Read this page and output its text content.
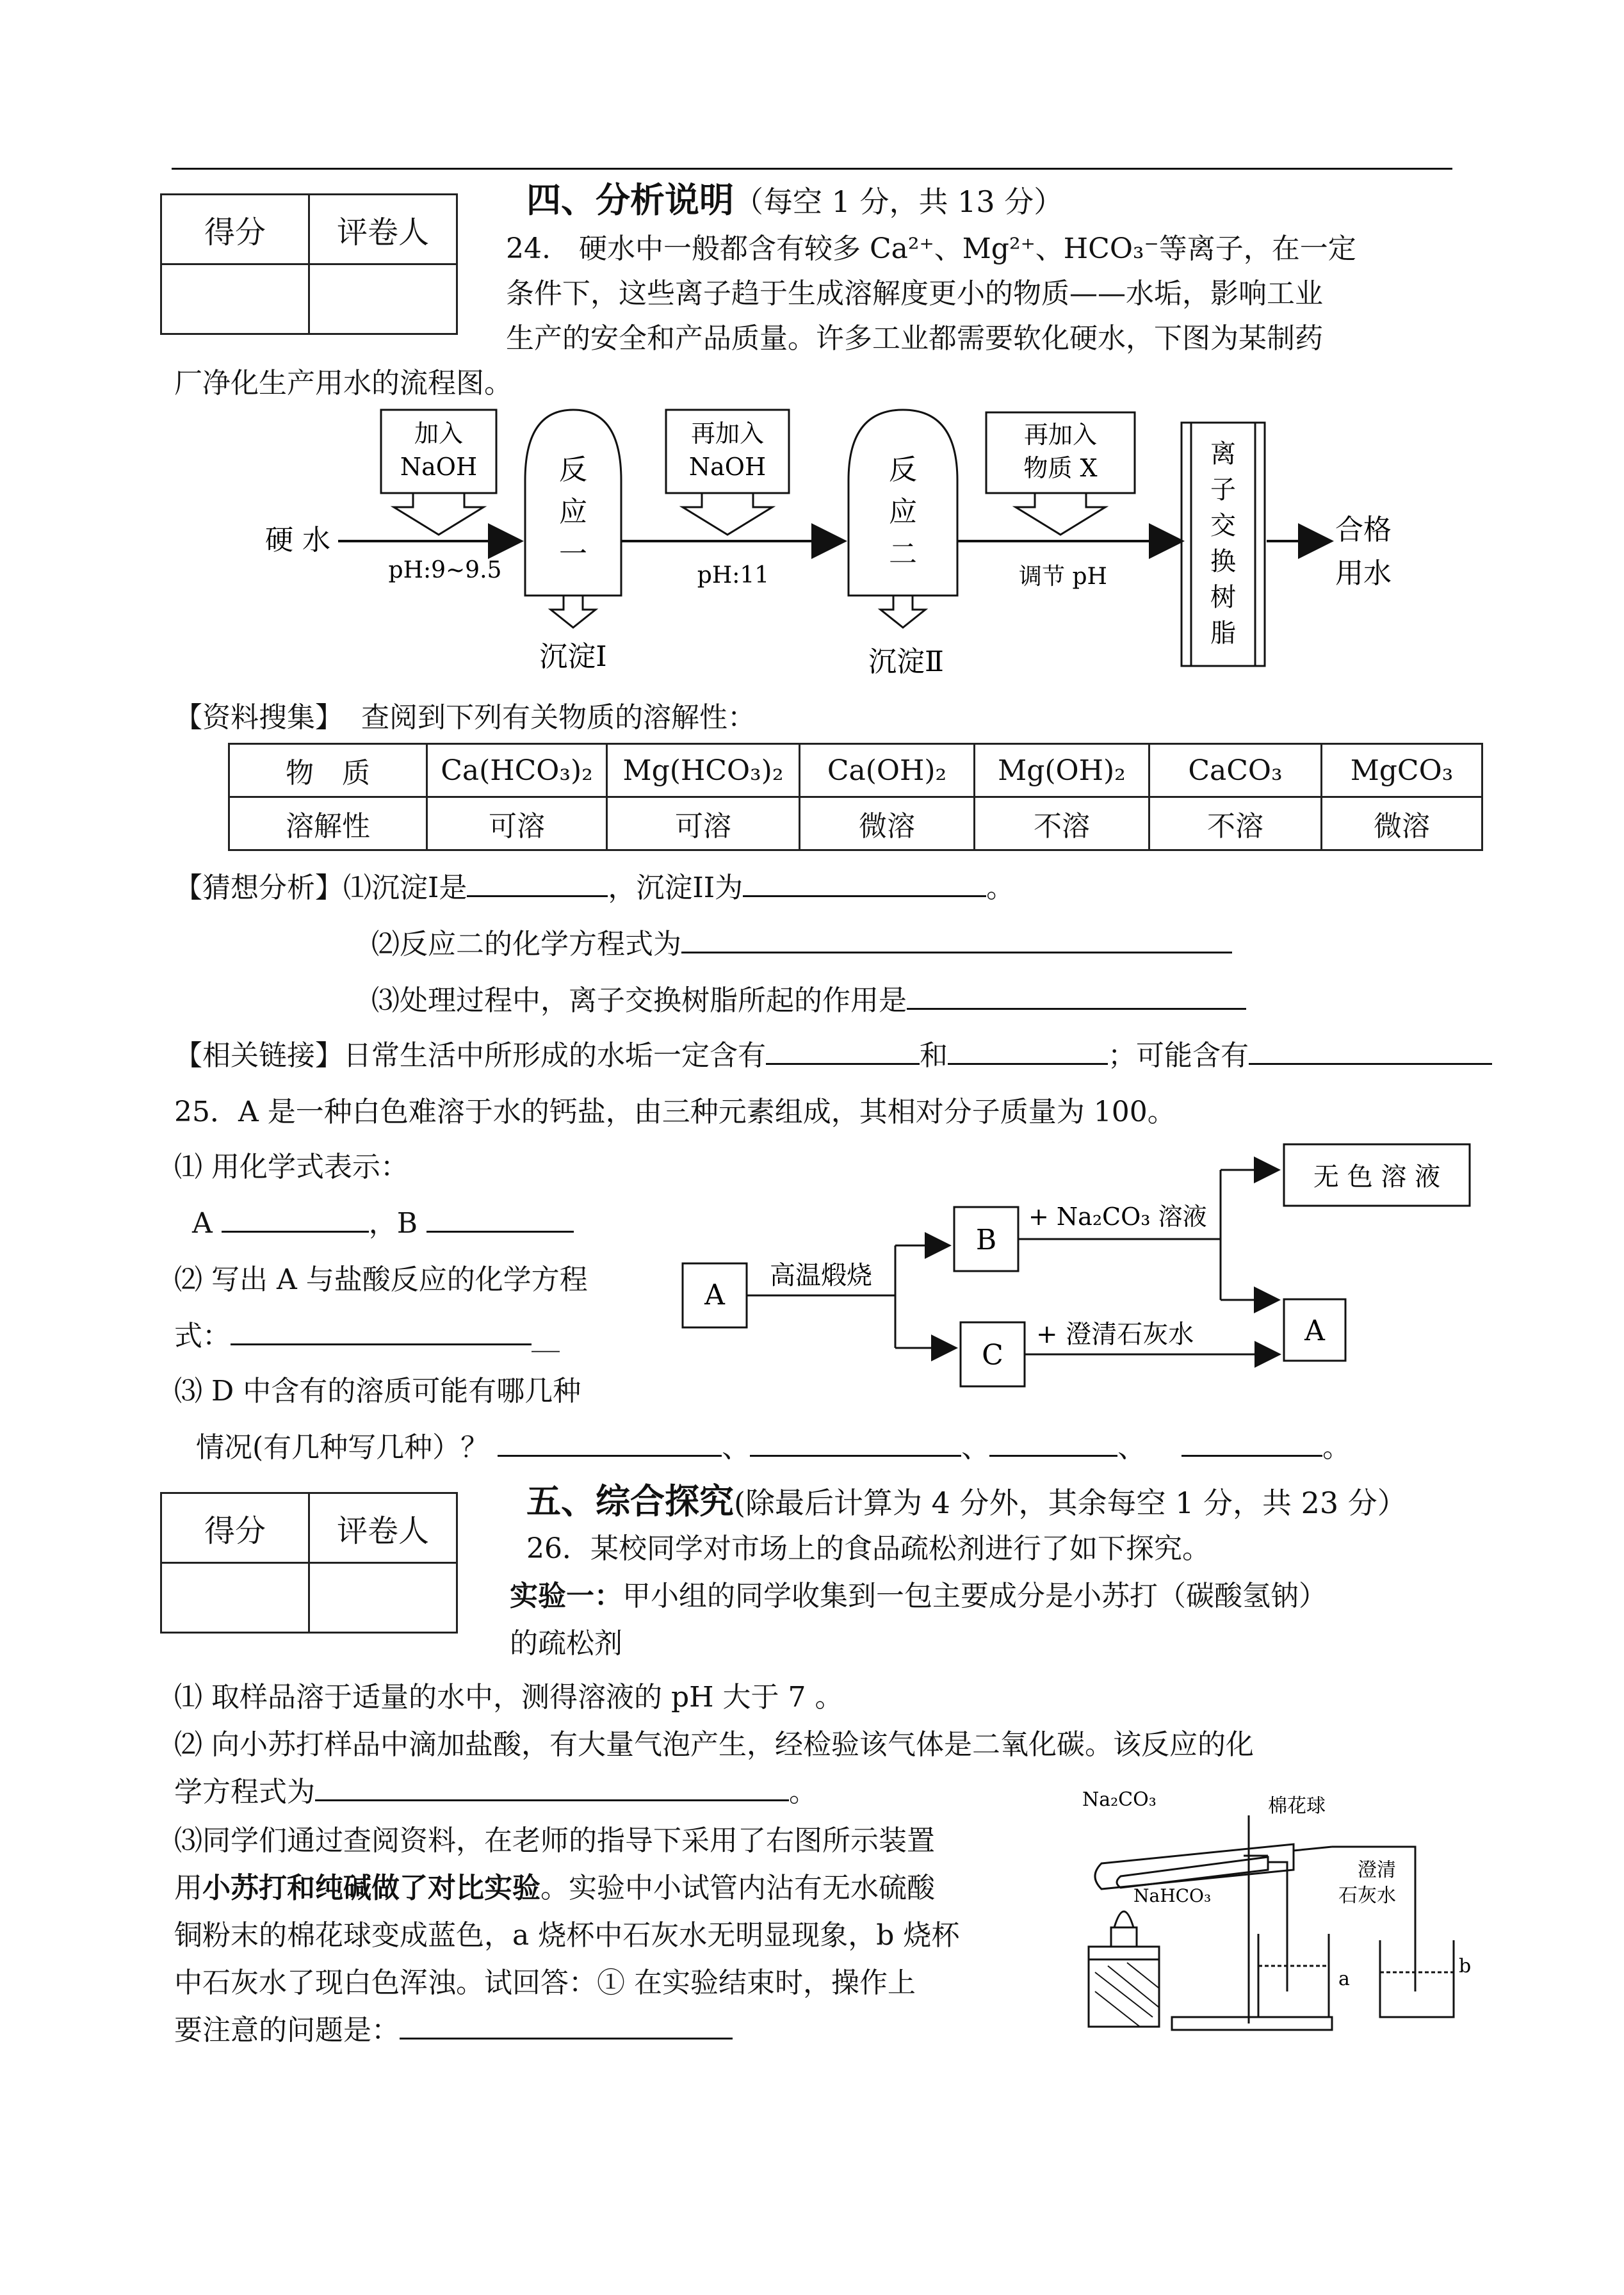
得分	评卷人

四、分析说明（每空 1 分，共 13 分）
24.　硬水中一般都含有较多 Ca²⁺、Mg²⁺、HCO₃⁻等离子，在一定
条件下，这些离子趋于生成溶解度更小的物质——水垢，影响工业
生产的安全和产品质量。许多工业都需要软化硬水，下图为某制药
厂净化生产用水的流程图。
硬 水
加入
NaOH
pH:9~9.5
反
应
一
沉淀Ⅰ
再加入
NaOH
pH:11
反
应
二
沉淀Ⅱ
再加入
物质 X
调节 pH
离
子
交
换
树
脂
合格
用水
【资料搜集】 查阅到下列有关物质的溶解性：
物　质	Ca(HCO₃)₂	Mg(HCO₃)₂	Ca(OH)₂	Mg(OH)₂	CaCO₃	MgCO₃
溶解性	可溶	可溶	微溶	不溶	不溶	微溶
【猜想分析】⑴沉淀I是	，沉淀II为	。
⑵反应二的化学方程式为
⑶处理过程中，离子交换树脂所起的作用是
【相关链接】日常生活中所形成的水垢一定含有	和	；可能含有
25．A 是一种白色难溶于水的钙盐，由三种元素组成，其相对分子质量为 100。
⑴ 用化学式表示：
A	，B
⑵ 写出 A 与盐酸反应的化学方程
式：	__
⑶ D 中含有的溶质可能有哪几种
情况(有几种写几种）？	、	、	、	。
A
高温煅烧
B
C
+ Na₂CO₃ 溶液
无 色 溶 液
+ 澄清石灰水	A
得分	评卷人

五、综合探究(除最后计算为 4 分外，其余每空 1 分，共 23 分）
26．某校同学对市场上的食品疏松剂进行了如下探究。
实验一：甲小组的同学收集到一包主要成分是小苏打（碳酸氢钠）
的疏松剂
⑴ 取样品溶于适量的水中，测得溶液的 pH 大于 7 。
⑵ 向小苏打样品中滴加盐酸，有大量气泡产生，经检验该气体是二氧化碳。该反应的化
学方程式为	。
⑶同学们通过查阅资料，在老师的指导下采用了右图所示装置
用小苏打和纯碱做了对比实验。实验中小试管内沾有无水硫酸
铜粉末的棉花球变成蓝色，a 烧杯中石灰水无明显现象，b 烧杯
中石灰水了现白色浑浊。试回答：① 在实验结束时，操作上
要注意的问题是：
Na₂CO₃	棉花球
NaHCO₃
澄清
石灰水
a
b
